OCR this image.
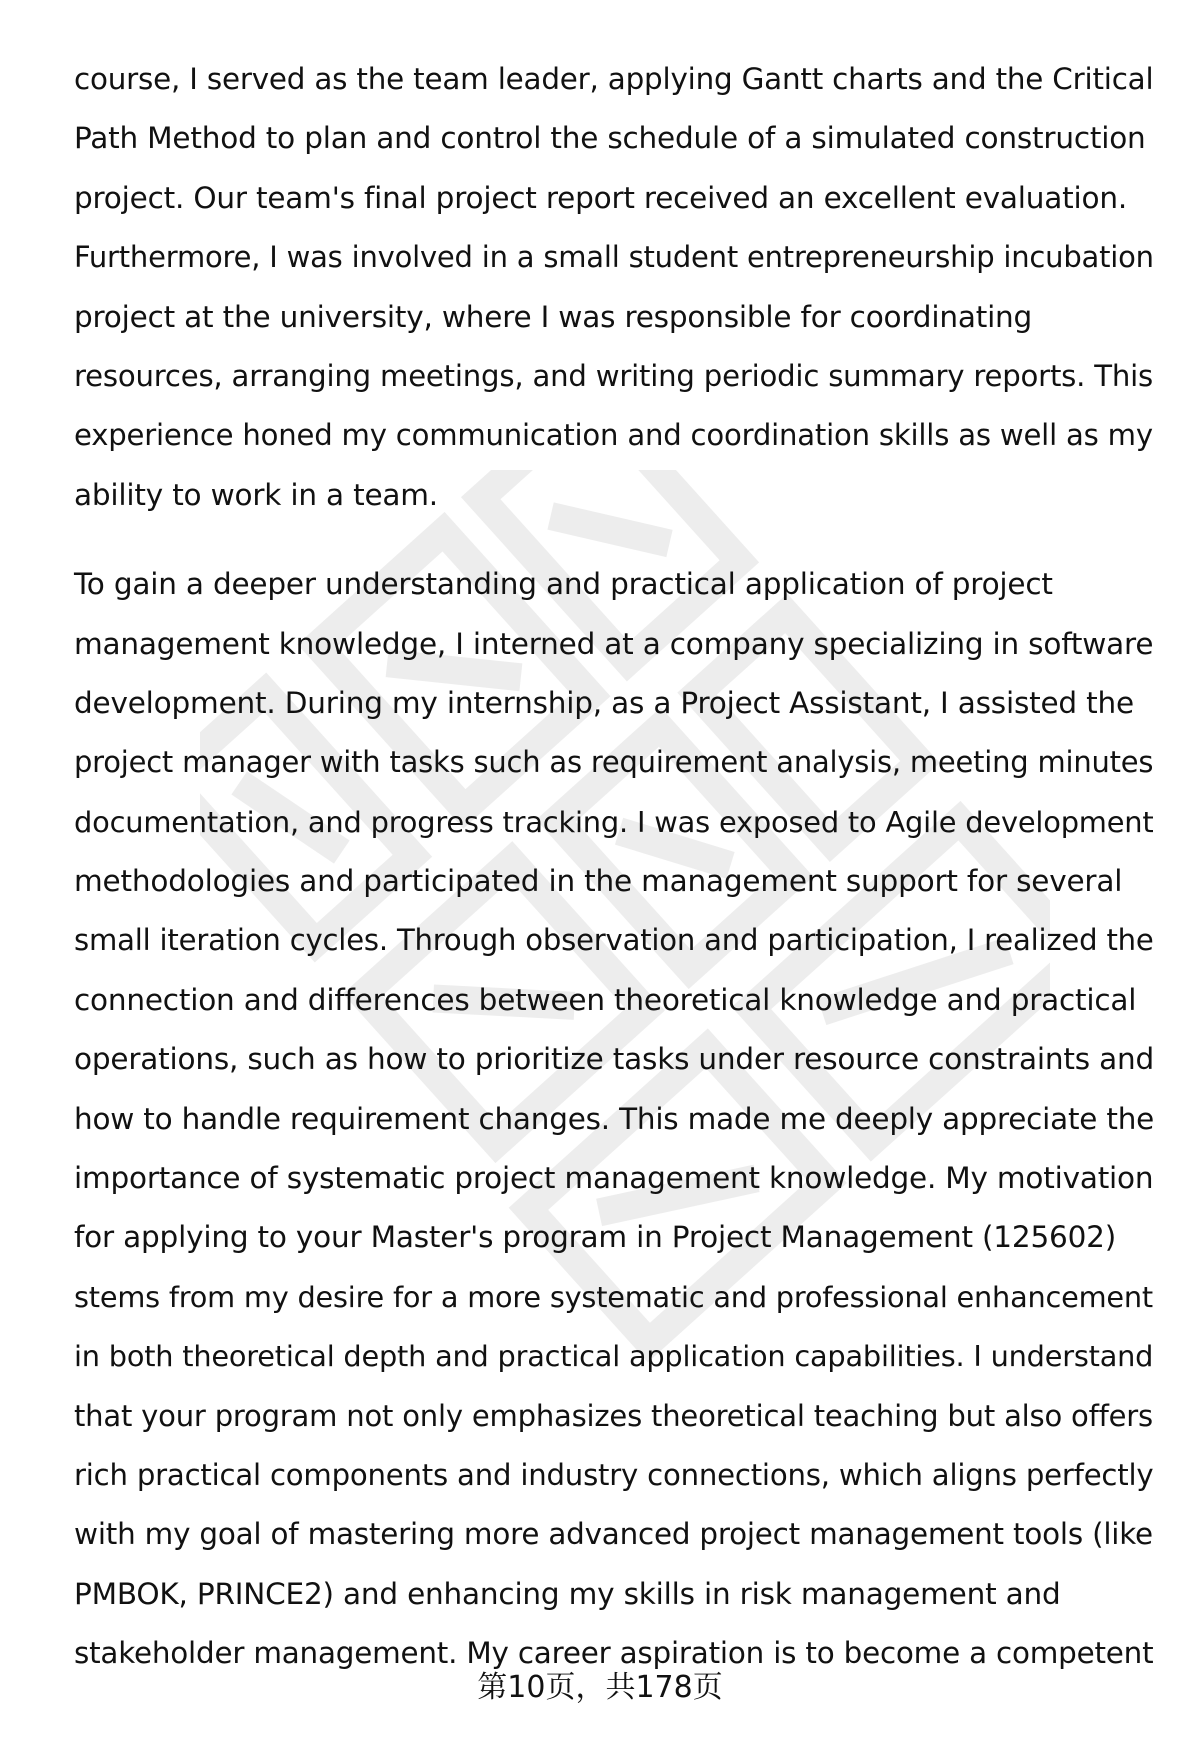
course, I served as the team leader, applying Gantt charts and the Critical
Path Method to plan and control the schedule of a simulated construction
project. Our team's final project report received an excellent evaluation.
Furthermore, I was involved in a small student entrepreneurship incubation
project at the university, where I was responsible for coordinating
resources, arranging meetings, and writing periodic summary reports. This
experience honed my communication and coordination skills as well as my
ability to work in a team.
To gain a deeper understanding and practical application of project
management knowledge, I interned at a company specializing in software
development. During my internship, as a Project Assistant, I assisted the
project manager with tasks such as requirement analysis, meeting minutes
documentation, and progress tracking. I was exposed to Agile development
methodologies and participated in the management support for several
small iteration cycles. Through observation and participation, I realized the
connection and differences between theoretical knowledge and practical
operations, such as how to prioritize tasks under resource constraints and
how to handle requirement changes. This made me deeply appreciate the
importance of systematic project management knowledge. My motivation
for applying to your Master's program in Project Management (125602)
stems from my desire for a more systematic and professional enhancement
in both theoretical depth and practical application capabilities. I understand
that your program not only emphasizes theoretical teaching but also offers
rich practical components and industry connections, which aligns perfectly
with my goal of mastering more advanced project management tools (like
PMBOK, PRINCE2) and enhancing my skills in risk management and
stakeholder management. My career aspiration is to become a competent
第10页，共178页
